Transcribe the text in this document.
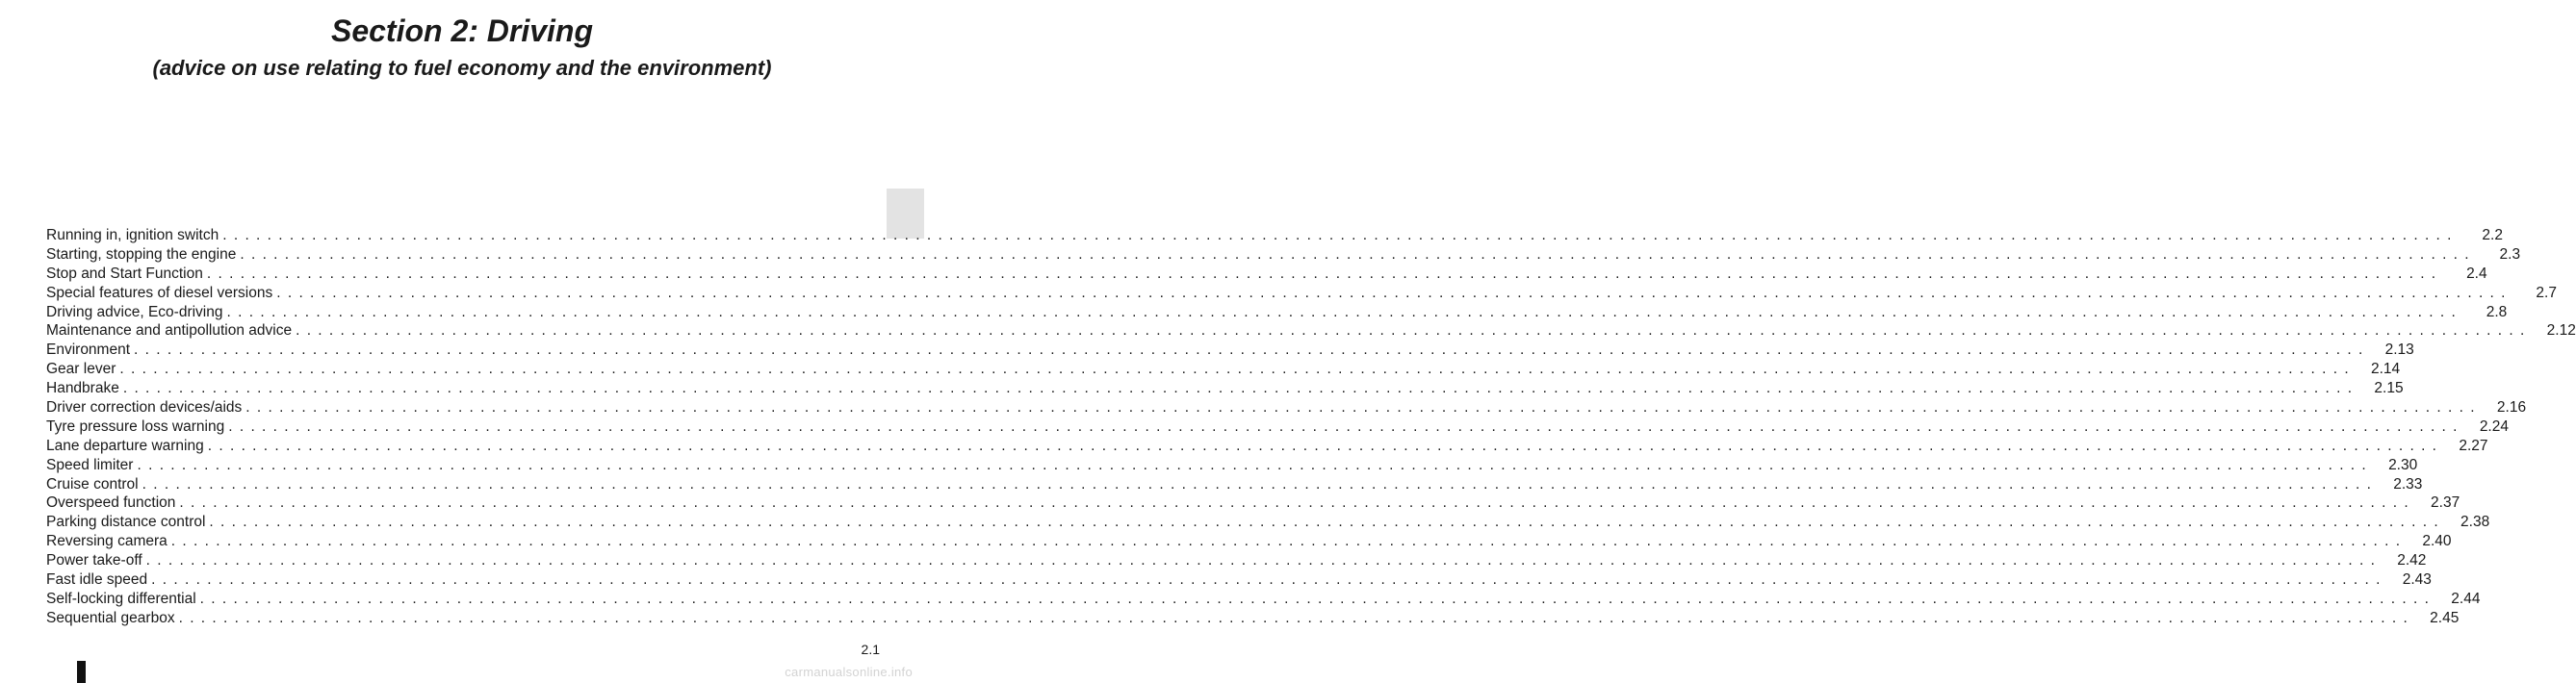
Section 2: Driving
(advice on use relating to fuel economy and the environment)
Running in, ignition switch . . . . . . . . . . . . . . . . . . . . . . . . . . . . . . . . . . . . . . . . . . . . . . . . . . . . . . . . . . . . . . . . . . . . . . . . . . . . . . . . . . . . . . . . . . . . . . . . . . . . . . . . . . . . . . . . . . . . . . . . . . . . . . . . . . . . . . . . . . . . . . . . . . . . . . . . . . . . . . . . . . . . . . . . . . . . . . . . . . . . . . . . . . . . . . . . . . . . . . . .	2.2
Starting, stopping the engine . . . . . . . . . . . . . . . . . . . . . . . . . . . . . . . . . . . . . . . . . . . . . . . . . . . . . . . . . . . . . . . . . . . . . . . . . . . . . . . . . . . . . . . . . . . . . . . . . . . . . . . . . . . . . . . . . . . . . . . . . . . . . . . . . . . . . . . . . . . . . . . . . . . . . . . . . . . . . . . . . . . . . . . . . . . . . . . . . . . . . . . . . . . . . . . . . . . . . . . .	2.3
Stop and Start Function . . . . . . . . . . . . . . . . . . . . . . . . . . . . . . . . . . . . . . . . . . . . . . . . . . . . . . . . . . . . . . . . . . . . . . . . . . . . . . . . . . . . . . . . . . . . . . . . . . . . . . . . . . . . . . . . . . . . . . . . . . . . . . . . . . . . . . . . . . . . . . . . . . . . . . . . . . . . . . . . . . . . . . . . . . . . . . . . . . . . . . . . . . . . . . . . . . . . . . . .	2.4
Special features of diesel versions . . . . . . . . . . . . . . . . . . . . . . . . . . . . . . . . . . . . . . . . . . . . . . . . . . . . . . . . . . . . . . . . . . . . . . . . . . . . . . . . . . . . . . . . . . . . . . . . . . . . . . . . . . . . . . . . . . . . . . . . . . . . . . . . . . . . . . . . . . . . . . . . . . . . . . . . . . . . . . . . . . . . . . . . . . . . . . . . . . . . . . . . . . . . . . . . . . . . . . . .	2.7
Driving advice, Eco-driving . . . . . . . . . . . . . . . . . . . . . . . . . . . . . . . . . . . . . . . . . . . . . . . . . . . . . . . . . . . . . . . . . . . . . . . . . . . . . . . . . . . . . . . . . . . . . . . . . . . . . . . . . . . . . . . . . . . . . . . . . . . . . . . . . . . . . . . . . . . . . . . . . . . . . . . . . . . . . . . . . . . . . . . . . . . . . . . . . . . . . . . . . . . . . . . . . . . . . . . .	2.8
Maintenance and antipollution advice . . . . . . . . . . . . . . . . . . . . . . . . . . . . . . . . . . . . . . . . . . . . . . . . . . . . . . . . . . . . . . . . . . . . . . . . . . . . . . . . . . . . . . . . . . . . . . . . . . . . . . . . . . . . . . . . . . . . . . . . . . . . . . . . . . . . . . . . . . . . . . . . . . . . . . . . . . . . . . . . . . . . . . . . . . . . . . . . . . . . . . . . . . . . . . . . . . . . . . . .	2.12
Environment . . . . . . . . . . . . . . . . . . . . . . . . . . . . . . . . . . . . . . . . . . . . . . . . . . . . . . . . . . . . . . . . . . . . . . . . . . . . . . . . . . . . . . . . . . . . . . . . . . . . . . . . . . . . . . . . . . . . . . . . . . . . . . . . . . . . . . . . . . . . . . . . . . . . . . . . . . . . . . . . . . . . . . . . . . . . . . . . . . . . . . . . . . . . . . . . . . . . . . . .	2.13
Gear lever . . . . . . . . . . . . . . . . . . . . . . . . . . . . . . . . . . . . . . . . . . . . . . . . . . . . . . . . . . . . . . . . . . . . . . . . . . . . . . . . . . . . . . . . . . . . . . . . . . . . . . . . . . . . . . . . . . . . . . . . . . . . . . . . . . . . . . . . . . . . . . . . . . . . . . . . . . . . . . . . . . . . . . . . . . . . . . . . . . . . . . . . . . . . . . . . . . . . . . . .	2.14
Handbrake . . . . . . . . . . . . . . . . . . . . . . . . . . . . . . . . . . . . . . . . . . . . . . . . . . . . . . . . . . . . . . . . . . . . . . . . . . . . . . . . . . . . . . . . . . . . . . . . . . . . . . . . . . . . . . . . . . . . . . . . . . . . . . . . . . . . . . . . . . . . . . . . . . . . . . . . . . . . . . . . . . . . . . . . . . . . . . . . . . . . . . . . . . . . . . . . . . . . . . . .	2.15
Driver correction devices/aids . . . . . . . . . . . . . . . . . . . . . . . . . . . . . . . . . . . . . . . . . . . . . . . . . . . . . . . . . . . . . . . . . . . . . . . . . . . . . . . . . . . . . . . . . . . . . . . . . . . . . . . . . . . . . . . . . . . . . . . . . . . . . . . . . . . . . . . . . . . . . . . . . . . . . . . . . . . . . . . . . . . . . . . . . . . . . . . . . . . . . . . . . . . . . . . . . . . . . . . .	2.16
Tyre pressure loss warning . . . . . . . . . . . . . . . . . . . . . . . . . . . . . . . . . . . . . . . . . . . . . . . . . . . . . . . . . . . . . . . . . . . . . . . . . . . . . . . . . . . . . . . . . . . . . . . . . . . . . . . . . . . . . . . . . . . . . . . . . . . . . . . . . . . . . . . . . . . . . . . . . . . . . . . . . . . . . . . . . . . . . . . . . . . . . . . . . . . . . . . . . . . . . . . . . . . . . . . .	2.24
Lane departure warning . . . . . . . . . . . . . . . . . . . . . . . . . . . . . . . . . . . . . . . . . . . . . . . . . . . . . . . . . . . . . . . . . . . . . . . . . . . . . . . . . . . . . . . . . . . . . . . . . . . . . . . . . . . . . . . . . . . . . . . . . . . . . . . . . . . . . . . . . . . . . . . . . . . . . . . . . . . . . . . . . . . . . . . . . . . . . . . . . . . . . . . . . . . . . . . . . . . . . . . .	2.27
Speed limiter . . . . . . . . . . . . . . . . . . . . . . . . . . . . . . . . . . . . . . . . . . . . . . . . . . . . . . . . . . . . . . . . . . . . . . . . . . . . . . . . . . . . . . . . . . . . . . . . . . . . . . . . . . . . . . . . . . . . . . . . . . . . . . . . . . . . . . . . . . . . . . . . . . . . . . . . . . . . . . . . . . . . . . . . . . . . . . . . . . . . . . . . . . . . . . . . . . . . . . . .	2.30
Cruise control . . . . . . . . . . . . . . . . . . . . . . . . . . . . . . . . . . . . . . . . . . . . . . . . . . . . . . . . . . . . . . . . . . . . . . . . . . . . . . . . . . . . . . . . . . . . . . . . . . . . . . . . . . . . . . . . . . . . . . . . . . . . . . . . . . . . . . . . . . . . . . . . . . . . . . . . . . . . . . . . . . . . . . . . . . . . . . . . . . . . . . . . . . . . . . . . . . . . . . . .	2.33
Overspeed function . . . . . . . . . . . . . . . . . . . . . . . . . . . . . . . . . . . . . . . . . . . . . . . . . . . . . . . . . . . . . . . . . . . . . . . . . . . . . . . . . . . . . . . . . . . . . . . . . . . . . . . . . . . . . . . . . . . . . . . . . . . . . . . . . . . . . . . . . . . . . . . . . . . . . . . . . . . . . . . . . . . . . . . . . . . . . . . . . . . . . . . . . . . . . . . . . . . . . . . .	2.37
Parking distance control . . . . . . . . . . . . . . . . . . . . . . . . . . . . . . . . . . . . . . . . . . . . . . . . . . . . . . . . . . . . . . . . . . . . . . . . . . . . . . . . . . . . . . . . . . . . . . . . . . . . . . . . . . . . . . . . . . . . . . . . . . . . . . . . . . . . . . . . . . . . . . . . . . . . . . . . . . . . . . . . . . . . . . . . . . . . . . . . . . . . . . . . . . . . . . . . . . . . . . . .	2.38
Reversing camera . . . . . . . . . . . . . . . . . . . . . . . . . . . . . . . . . . . . . . . . . . . . . . . . . . . . . . . . . . . . . . . . . . . . . . . . . . . . . . . . . . . . . . . . . . . . . . . . . . . . . . . . . . . . . . . . . . . . . . . . . . . . . . . . . . . . . . . . . . . . . . . . . . . . . . . . . . . . . . . . . . . . . . . . . . . . . . . . . . . . . . . . . . . . . . . . . . . . . . . .	2.40
Power take-off . . . . . . . . . . . . . . . . . . . . . . . . . . . . . . . . . . . . . . . . . . . . . . . . . . . . . . . . . . . . . . . . . . . . . . . . . . . . . . . . . . . . . . . . . . . . . . . . . . . . . . . . . . . . . . . . . . . . . . . . . . . . . . . . . . . . . . . . . . . . . . . . . . . . . . . . . . . . . . . . . . . . . . . . . . . . . . . . . . . . . . . . . . . . . . . . . . . . . . . .	2.42
Fast idle speed . . . . . . . . . . . . . . . . . . . . . . . . . . . . . . . . . . . . . . . . . . . . . . . . . . . . . . . . . . . . . . . . . . . . . . . . . . . . . . . . . . . . . . . . . . . . . . . . . . . . . . . . . . . . . . . . . . . . . . . . . . . . . . . . . . . . . . . . . . . . . . . . . . . . . . . . . . . . . . . . . . . . . . . . . . . . . . . . . . . . . . . . . . . . . . . . . . . . . . . .	2.43
Self-locking differential . . . . . . . . . . . . . . . . . . . . . . . . . . . . . . . . . . . . . . . . . . . . . . . . . . . . . . . . . . . . . . . . . . . . . . . . . . . . . . . . . . . . . . . . . . . . . . . . . . . . . . . . . . . . . . . . . . . . . . . . . . . . . . . . . . . . . . . . . . . . . . . . . . . . . . . . . . . . . . . . . . . . . . . . . . . . . . . . . . . . . . . . . . . . . . . . . . . . . . . .	2.44
Sequential gearbox . . . . . . . . . . . . . . . . . . . . . . . . . . . . . . . . . . . . . . . . . . . . . . . . . . . . . . . . . . . . . . . . . . . . . . . . . . . . . . . . . . . . . . . . . . . . . . . . . . . . . . . . . . . . . . . . . . . . . . . . . . . . . . . . . . . . . . . . . . . . . . . . . . . . . . . . . . . . . . . . . . . . . . . . . . . . . . . . . . . . . . . . . . . . . . . . . . . . . . . .	2.45
2.1
carmanualsonline.info
